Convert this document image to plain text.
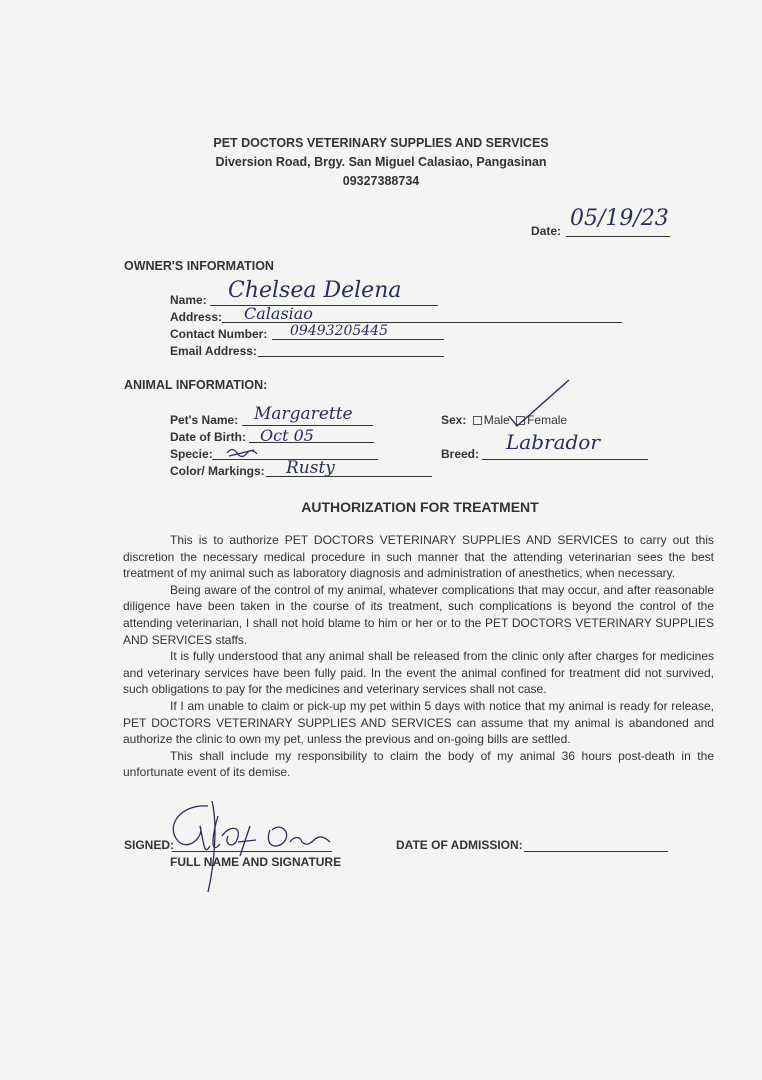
PET DOCTORS VETERINARY SUPPLIES AND SERVICES
Diversion Road, Brgy. San Miguel Calasiao, Pangasinan
09327388734
Date: 05/19/23
OWNER'S INFORMATION
Name: Chelsea Delena
Address: Calasiao
Contact Number: 09493205445
Email Address:
ANIMAL INFORMATION:
Pet's Name: Margarette
Date of Birth: Oct 05
Specie:
Color/ Markings: Rusty
Sex: Male Female
Breed: Labrador
AUTHORIZATION FOR TREATMENT

This is to authorize PET DOCTORS VETERINARY SUPPLIES AND SERVICES to carry out this discretion the necessary medical procedure in such manner that the attending veterinarian sees the best treatment of my animal such as laboratory diagnosis and administration of anesthetics, when necessary.

Being aware of the control of my animal, whatever complications that may occur, and after reasonable diligence have been taken in the course of its treatment, such complications is beyond the control of the attending veterinarian, I shall not hold blame to him or her or to the PET DOCTORS VETERINARY SUPPLIES AND SERVICES staffs.

It is fully understood that any animal shall be released from the clinic only after charges for medicines and veterinary services have been fully paid. In the event the animal confined for treatment did not survived, such obligations to pay for the medicines and veterinary services shall not case.

If I am unable to claim or pick-up my pet within 5 days with notice that my animal is ready for release, PET DOCTORS VETERINARY SUPPLIES AND SERVICES can assume that my animal is abandoned and authorize the clinic to own my pet, unless the previous and on-going bills are settled.

This shall include my responsibility to claim the body of my animal 36 hours post-death in the unfortunate event of its demise.

SIGNED:
FULL NAME AND SIGNATURE
DATE OF ADMISSION:
